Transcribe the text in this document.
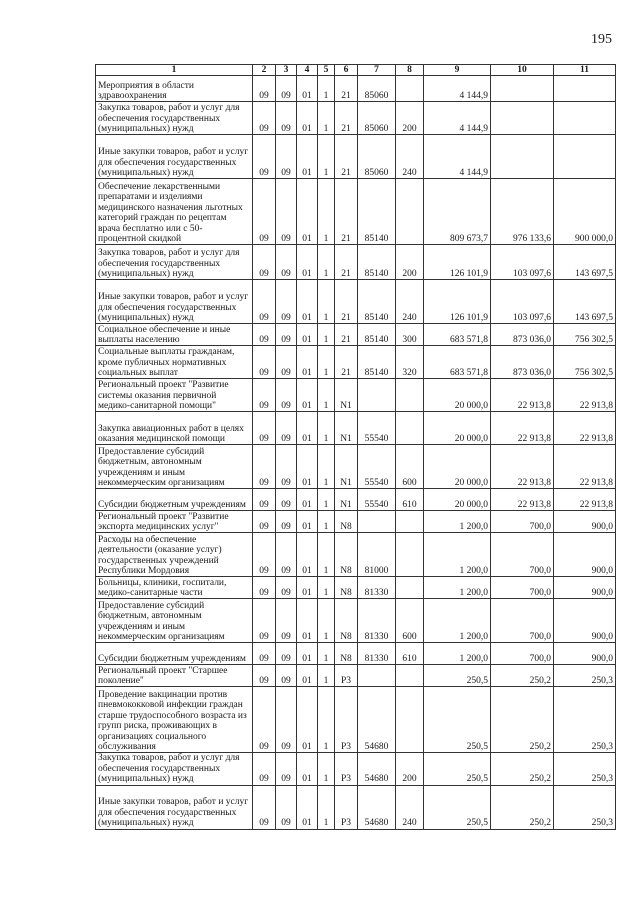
195
1	2	3	4	5	6	7	8	9	10	11
Мероприятия в области здравоохранения	09	09	01	1	21	85060		4 144,9		
Закупка товаров, работ и услуг для обеспечения государственных (муниципальных) нужд	09	09	01	1	21	85060	200	4 144,9		
Иные закупки товаров, работ и услуг для обеспечения государственных (муниципальных) нужд	09	09	01	1	21	85060	240	4 144,9		
Обеспечение лекарственными препаратами и изделиями медицинского назначения льготных категорий граждан по рецептам врача бесплатно или с 50-процентной скидкой	09	09	01	1	21	85140		809 673,7	976 133,6	900 000,0
Закупка товаров, работ и услуг для обеспечения государственных (муниципальных) нужд	09	09	01	1	21	85140	200	126 101,9	103 097,6	143 697,5
Иные закупки товаров, работ и услуг для обеспечения государственных (муниципальных) нужд	09	09	01	1	21	85140	240	126 101,9	103 097,6	143 697,5
Социальное обеспечение и иные выплаты населению	09	09	01	1	21	85140	300	683 571,8	873 036,0	756 302,5
Социальные выплаты гражданам, кроме публичных нормативных социальных выплат	09	09	01	1	21	85140	320	683 571,8	873 036,0	756 302,5
Региональный проект "Развитие системы оказания первичной медико-санитарной помощи"	09	09	01	1	N1			20 000,0	22 913,8	22 913,8
Закупка авиационных работ в целях оказания медицинской помощи	09	09	01	1	N1	55540		20 000,0	22 913,8	22 913,8
Предоставление субсидий бюджетным, автономным учреждениям и иным некоммерческим организациям	09	09	01	1	N1	55540	600	20 000,0	22 913,8	22 913,8
Субсидии бюджетным учреждениям	09	09	01	1	N1	55540	610	20 000,0	22 913,8	22 913,8
Региональный проект "Развитие экспорта медицинских услуг"	09	09	01	1	N8			1 200,0	700,0	900,0
Расходы на обеспечение деятельности (оказание услуг) государственных учреждений Республики Мордовия	09	09	01	1	N8	81000		1 200,0	700,0	900,0
Больницы, клиники, госпитали, медико-санитарные части	09	09	01	1	N8	81330		1 200,0	700,0	900,0
Предоставление субсидий бюджетным, автономным учреждениям и иным некоммерческим организациям	09	09	01	1	N8	81330	600	1 200,0	700,0	900,0
Субсидии бюджетным учреждениям	09	09	01	1	N8	81330	610	1 200,0	700,0	900,0
Региональный проект "Старшее поколение"	09	09	01	1	P3			250,5	250,2	250,3
Проведение вакцинации против пневмококковой инфекции граждан старше трудоспособного возраста из групп риска, проживающих в организациях социального обслуживания	09	09	01	1	P3	54680		250,5	250,2	250,3
Закупка товаров, работ и услуг для обеспечения государственных (муниципальных) нужд	09	09	01	1	P3	54680	200	250,5	250,2	250,3
Иные закупки товаров, работ и услуг для обеспечения государственных (муниципальных) нужд	09	09	01	1	P3	54680	240	250,5	250,2	250,3
